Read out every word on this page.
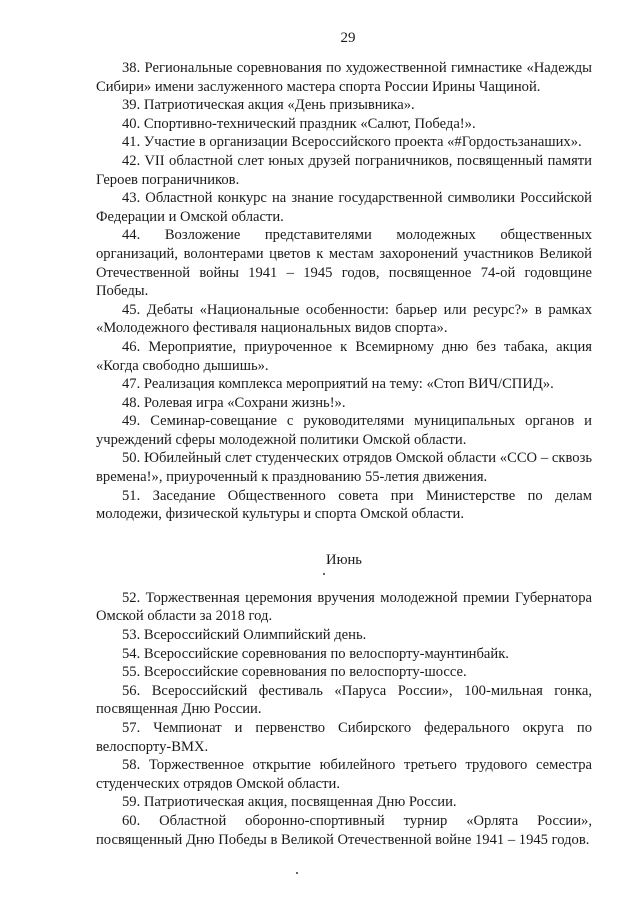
29

38. Региональные соревнования по художественной гимнастике «Надежды Сибири» имени заслуженного мастера спорта России Ирины Чащиной.

39. Патриотическая акция «День призывника».

40. Спортивно-технический праздник «Салют, Победа!».

41. Участие в организации Всероссийского проекта «#Гордостьзанаших».

42. VII областной слет юных друзей пограничников, посвященный памяти Героев пограничников.

43. Областной конкурс на знание государственной символики Российской Федерации и Омской области.

44. Возложение представителями молодежных общественных организаций, волонтерами цветов к местам захоронений участников Великой Отечественной войны 1941 – 1945 годов, посвященное 74-ой годовщине Победы.

45. Дебаты «Национальные особенности: барьер или ресурс?» в рамках «Молодежного фестиваля национальных видов спорта».

46. Мероприятие, приуроченное к Всемирному дню без табака, акция «Когда свободно дышишь».

47. Реализация комплекса мероприятий на тему: «Стоп ВИЧ/СПИД».

48. Ролевая игра «Сохрани жизнь!».

49. Семинар-совещание с руководителями муниципальных органов и учреждений сферы молодежной политики Омской области.

50. Юбилейный слет студенческих отрядов Омской области «ССО – сквозь времена!», приуроченный к празднованию 55-летия движения.

51. Заседание Общественного совета при Министерстве по делам молодежи, физической культуры и спорта Омской области.

Июнь

52. Торжественная церемония вручения молодежной премии Губернатора Омской области за 2018 год.

53. Всероссийский Олимпийский день.

54. Всероссийские соревнования по велоспорту-маунтинбайк.

55. Всероссийские соревнования по велоспорту-шоссе.

56. Всероссийский фестиваль «Паруса России», 100-мильная гонка, посвященная Дню России.

57. Чемпионат и первенство Сибирского федерального округа по велоспорту-BMX.

58. Торжественное открытие юбилейного третьего трудового семестра студенческих отрядов Омской области.

59. Патриотическая акция, посвященная Дню России.

60. Областной оборонно-спортивный турнир «Орлята России», посвященный Дню Победы в Великой Отечественной войне 1941 – 1945 годов.
